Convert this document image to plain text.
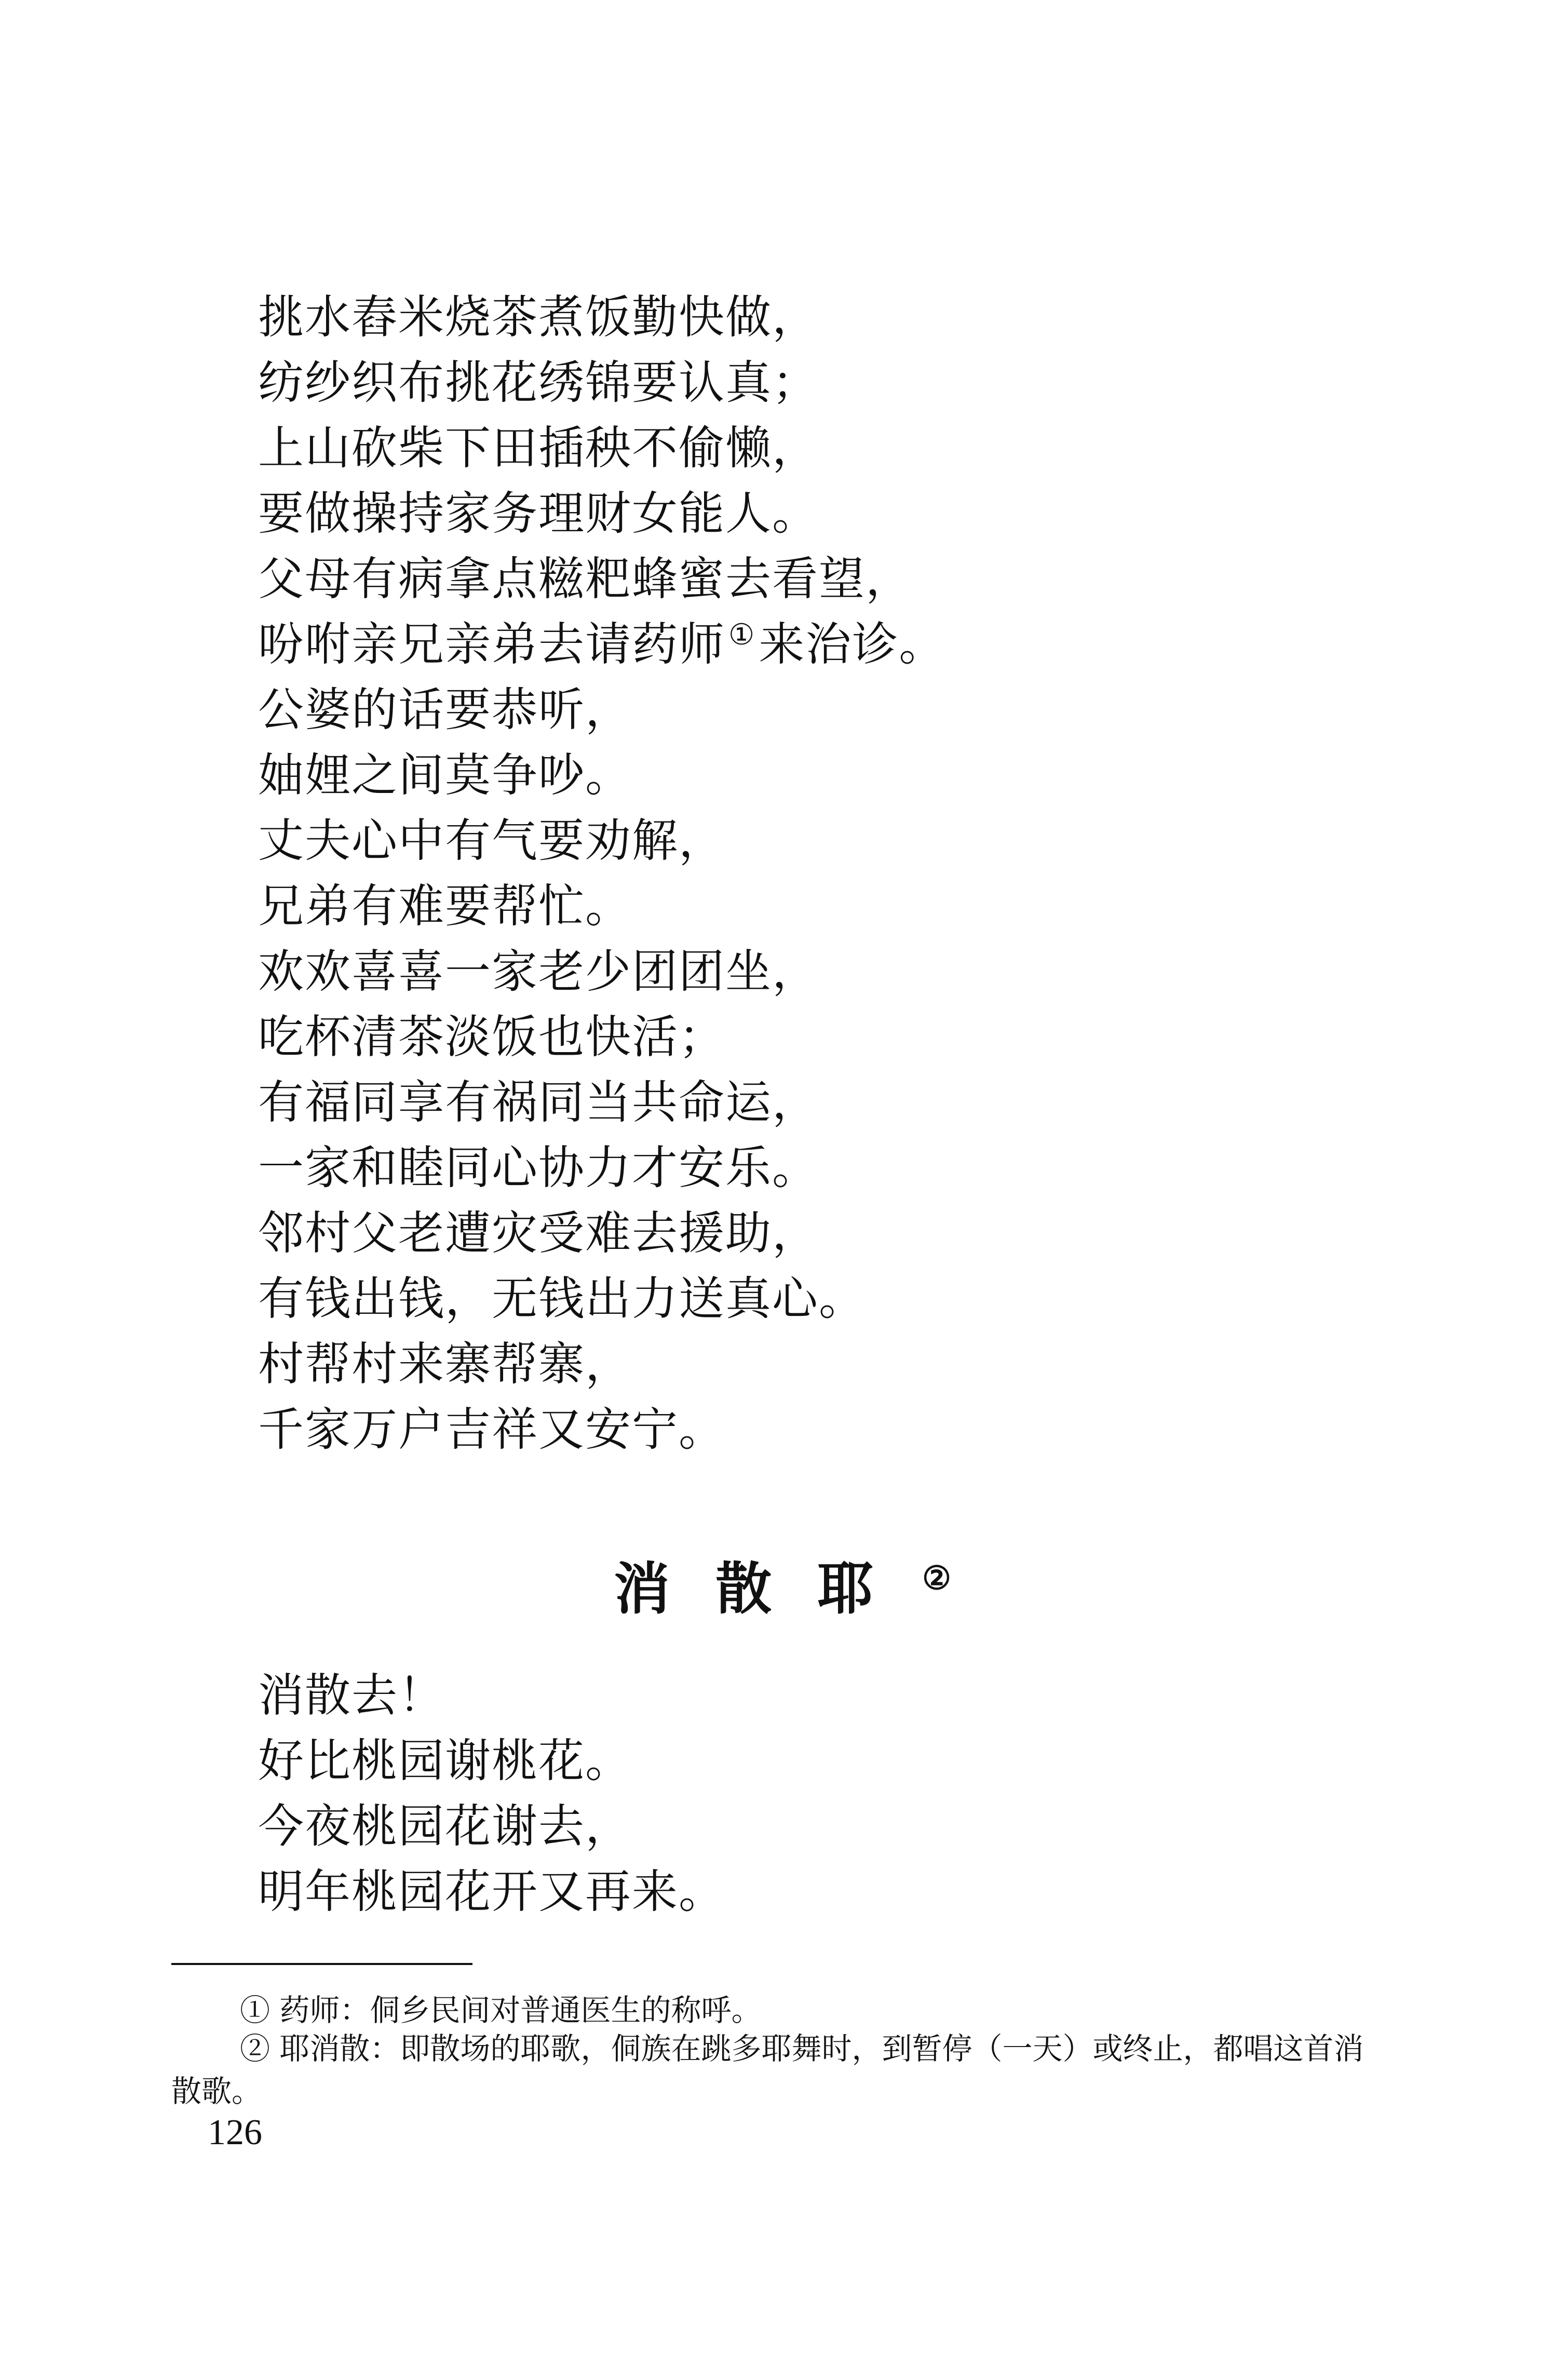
挑水舂米烧茶煮饭勤快做，
纺纱织布挑花绣锦要认真；
上山砍柴下田插秧不偷懒，
要做操持家务理财女能人。
父母有病拿点糍粑蜂蜜去看望，
吩咐亲兄亲弟去请药师 ①来治诊。
公婆的话要恭听，
妯娌之间莫争吵。
丈夫心中有气要劝解，
兄弟有难要帮忙。
欢欢喜喜一家老少团团坐，
吃杯清茶淡饭也快活；
有福同享有祸同当共命运，
一家和睦同心协力才安乐。
邻村父老遭灾受难去援助，
有钱出钱，无钱出力送真心。
村帮村来寨帮寨，
千家万户吉祥又安宁。
消散耶②
消散去！
好比桃园谢桃花。
今夜桃园花谢去，
明年桃园花开又再来。
① 药师：侗乡民间对普通医生的称呼。
② 耶消散：即散场的耶歌，侗族在跳多耶舞时，到暂停（一天）或终止，都唱这首消散歌。
126
